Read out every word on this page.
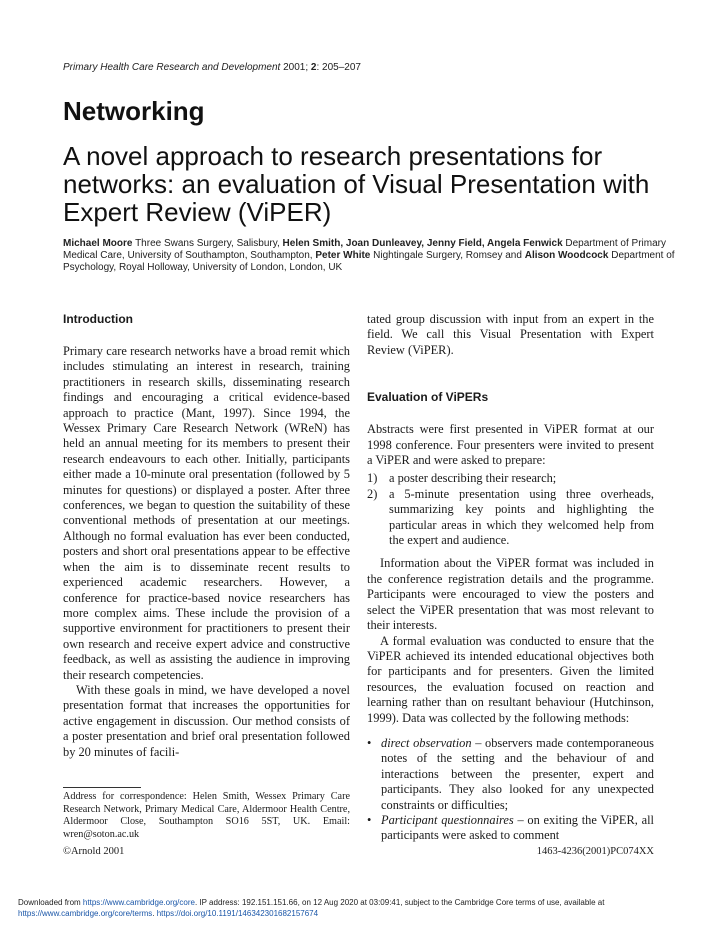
Primary Health Care Research and Development 2001; 2: 205–207
Networking
A novel approach to research presentations for networks: an evaluation of Visual Presentation with Expert Review (ViPER)
Michael Moore Three Swans Surgery, Salisbury, Helen Smith, Joan Dunleavey, Jenny Field, Angela Fenwick Department of Primary Medical Care, University of Southampton, Southampton, Peter White Nightingale Surgery, Romsey and Alison Woodcock Department of Psychology, Royal Holloway, University of London, London, UK
Introduction

Primary care research networks have a broad remit which includes stimulating an interest in research, training practitioners in research skills, disseminating research findings and encouraging a critical evidence-based approach to practice (Mant, 1997). Since 1994, the Wessex Primary Care Research Network (WReN) has held an annual meeting for its members to present their research endeavours to each other. Initially, participants either made a 10-minute oral presentation (followed by 5 minutes for questions) or displayed a poster. After three conferences, we began to question the suitability of these conventional methods of presentation at our meetings. Although no formal evaluation has ever been conducted, posters and short oral presentations appear to be effective when the aim is to disseminate recent results to experienced academic researchers. However, a conference for practice-based novice researchers has more complex aims. These include the provision of a supportive environment for practitioners to present their own research and receive expert advice and constructive feedback, as well as assisting the audience in improving their research competencies.

With these goals in mind, we have developed a novel presentation format that increases the opportunities for active engagement in discussion. Our method consists of a poster presentation and brief oral presentation followed by 20 minutes of facili-

tated group discussion with input from an expert in the field. We call this Visual Presentation with Expert Review (ViPER).

Evaluation of ViPERs

Abstracts were first presented in ViPER format at our 1998 conference. Four presenters were invited to present a ViPER and were asked to prepare:

1) a poster describing their research;
2) a 5-minute presentation using three overheads, summarizing key points and highlighting the particular areas in which they welcomed help from the expert and audience.

Information about the ViPER format was included in the conference registration details and the programme. Participants were encouraged to view the posters and select the ViPER presentation that was most relevant to their interests.

A formal evaluation was conducted to ensure that the ViPER achieved its intended educational objectives both for participants and for presenters. Given the limited resources, the evaluation focused on reaction and learning rather than on resultant behaviour (Hutchinson, 1999). Data was collected by the following methods:

• direct observation – observers made contemporaneous notes of the setting and the behaviour of and interactions between the presenter, expert and participants. They also looked for any unexpected constraints or difficulties;
• Participant questionnaires – on exiting the ViPER, all participants were asked to comment
Address for correspondence: Helen Smith, Wessex Primary Care Research Network, Primary Medical Care, Aldermoor Health Centre, Aldermoor Close, Southampton SO16 5ST, UK. Email: wren@soton.ac.uk
©Arnold 2001	1463-4236(2001)PC074XX
Downloaded from https://www.cambridge.org/core. IP address: 192.151.151.66, on 12 Aug 2020 at 03:09:41, subject to the Cambridge Core terms of use, available at
https://www.cambridge.org/core/terms. https://doi.org/10.1191/146342301682157674
